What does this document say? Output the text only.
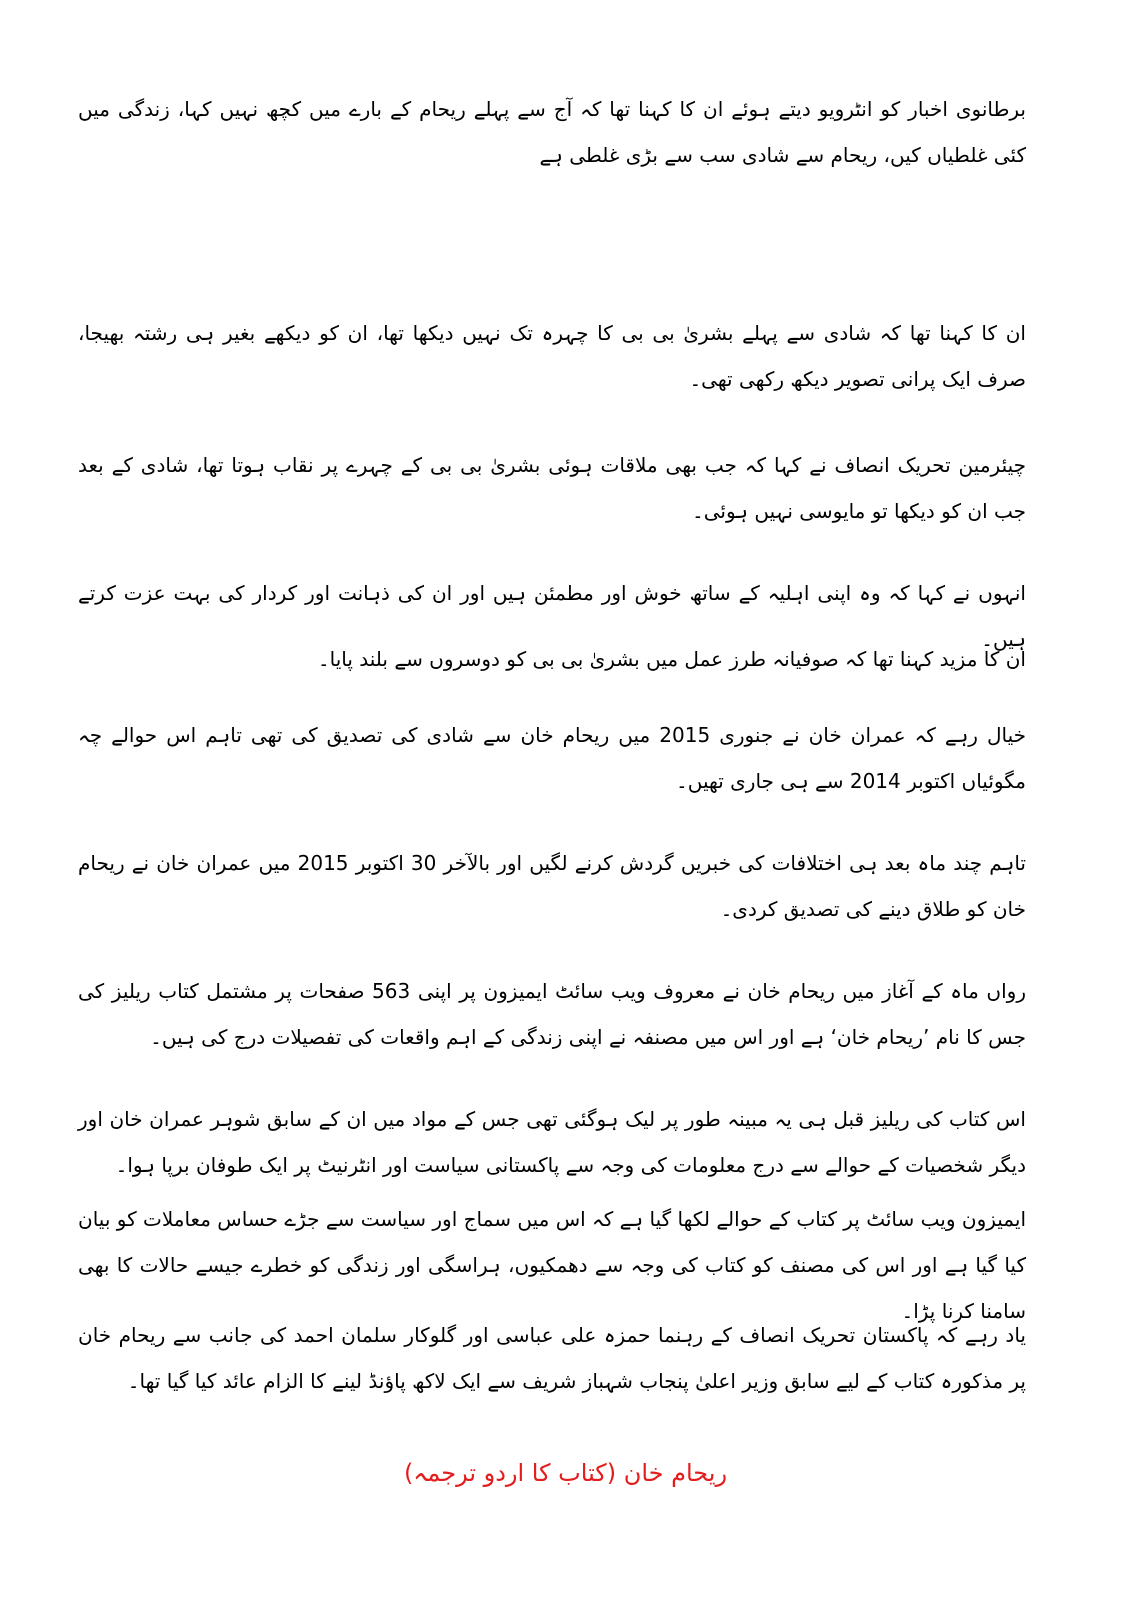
برطانوی اخبار کو انٹرویو دیتے ہوئے ان کا کہنا تھا کہ آج سے پہلے ریحام کے بارے میں کچھ نہیں کہا، زندگی میں کئی غلطیاں کیں، ریحام سے شادی سب سے بڑی غلطی ہے

ان کا کہنا تھا کہ شادی سے پہلے بشریٰ بی بی کا چہرہ تک نہیں دیکھا تھا، ان کو دیکھے بغیر ہی رشتہ بھیجا، صرف ایک پرانی تصویر دیکھ رکھی تھی۔

چیئرمین تحریک انصاف نے کہا کہ جب بھی ملاقات ہوئی بشریٰ بی بی کے چہرے پر نقاب ہوتا تھا، شادی کے بعد جب ان کو دیکھا تو مایوسی نہیں ہوئی۔

انہوں نے کہا کہ وہ اپنی اہلیہ کے ساتھ خوش اور مطمئن ہیں اور ان کی ذہانت اور کردار کی بہت عزت کرتے ہیں۔

ان کا مزید کہنا تھا کہ صوفیانہ طرز عمل میں بشریٰ بی بی کو دوسروں سے بلند پایا۔

خیال رہے کہ عمران خان نے جنوری 2015 میں ریحام خان سے شادی کی تصدیق کی تھی تاہم اس حوالے چہ مگوئیاں اکتوبر 2014 سے ہی جاری تھیں۔

تاہم چند ماہ بعد ہی اختلافات کی خبریں گردش کرنے لگیں اور بالآخر 30 اکتوبر 2015 میں عمران خان نے ریحام خان کو طلاق دینے کی تصدیق کردی۔

رواں ماہ کے آغاز میں ریحام خان نے معروف ویب سائٹ ایمیزون پر اپنی 563 صفحات پر مشتمل کتاب ریلیز کی جس کا نام ’ریحام خان‘ ہے اور اس میں مصنفہ نے اپنی زندگی کے اہم واقعات کی تفصیلات درج کی ہیں۔

اس کتاب کی ریلیز قبل ہی یہ مبینہ طور پر لیک ہوگئی تھی جس کے مواد میں ان کے سابق شوہر عمران خان اور دیگر شخصیات کے حوالے سے درج معلومات کی وجہ سے پاکستانی سیاست اور انٹرنیٹ پر ایک طوفان برپا ہوا۔

ایمیزون ویب سائٹ پر کتاب کے حوالے لکھا گیا ہے کہ اس میں سماج اور سیاست سے جڑے حساس معاملات کو بیان کیا گیا ہے اور اس کی مصنف کو کتاب کی وجہ سے دھمکیوں، ہراسگی اور زندگی کو خطرے جیسے حالات کا بھی سامنا کرنا پڑا۔

یاد رہے کہ پاکستان تحریک انصاف کے رہنما حمزہ علی عباسی اور گلوکار سلمان احمد کی جانب سے ریحام خان پر مذکورہ کتاب کے لیے سابق وزیر اعلیٰ پنجاب شہباز شریف سے ایک لاکھ پاؤنڈ لینے کا الزام عائد کیا گیا تھا۔

ریحام خان (کتاب کا اردو ترجمہ)
